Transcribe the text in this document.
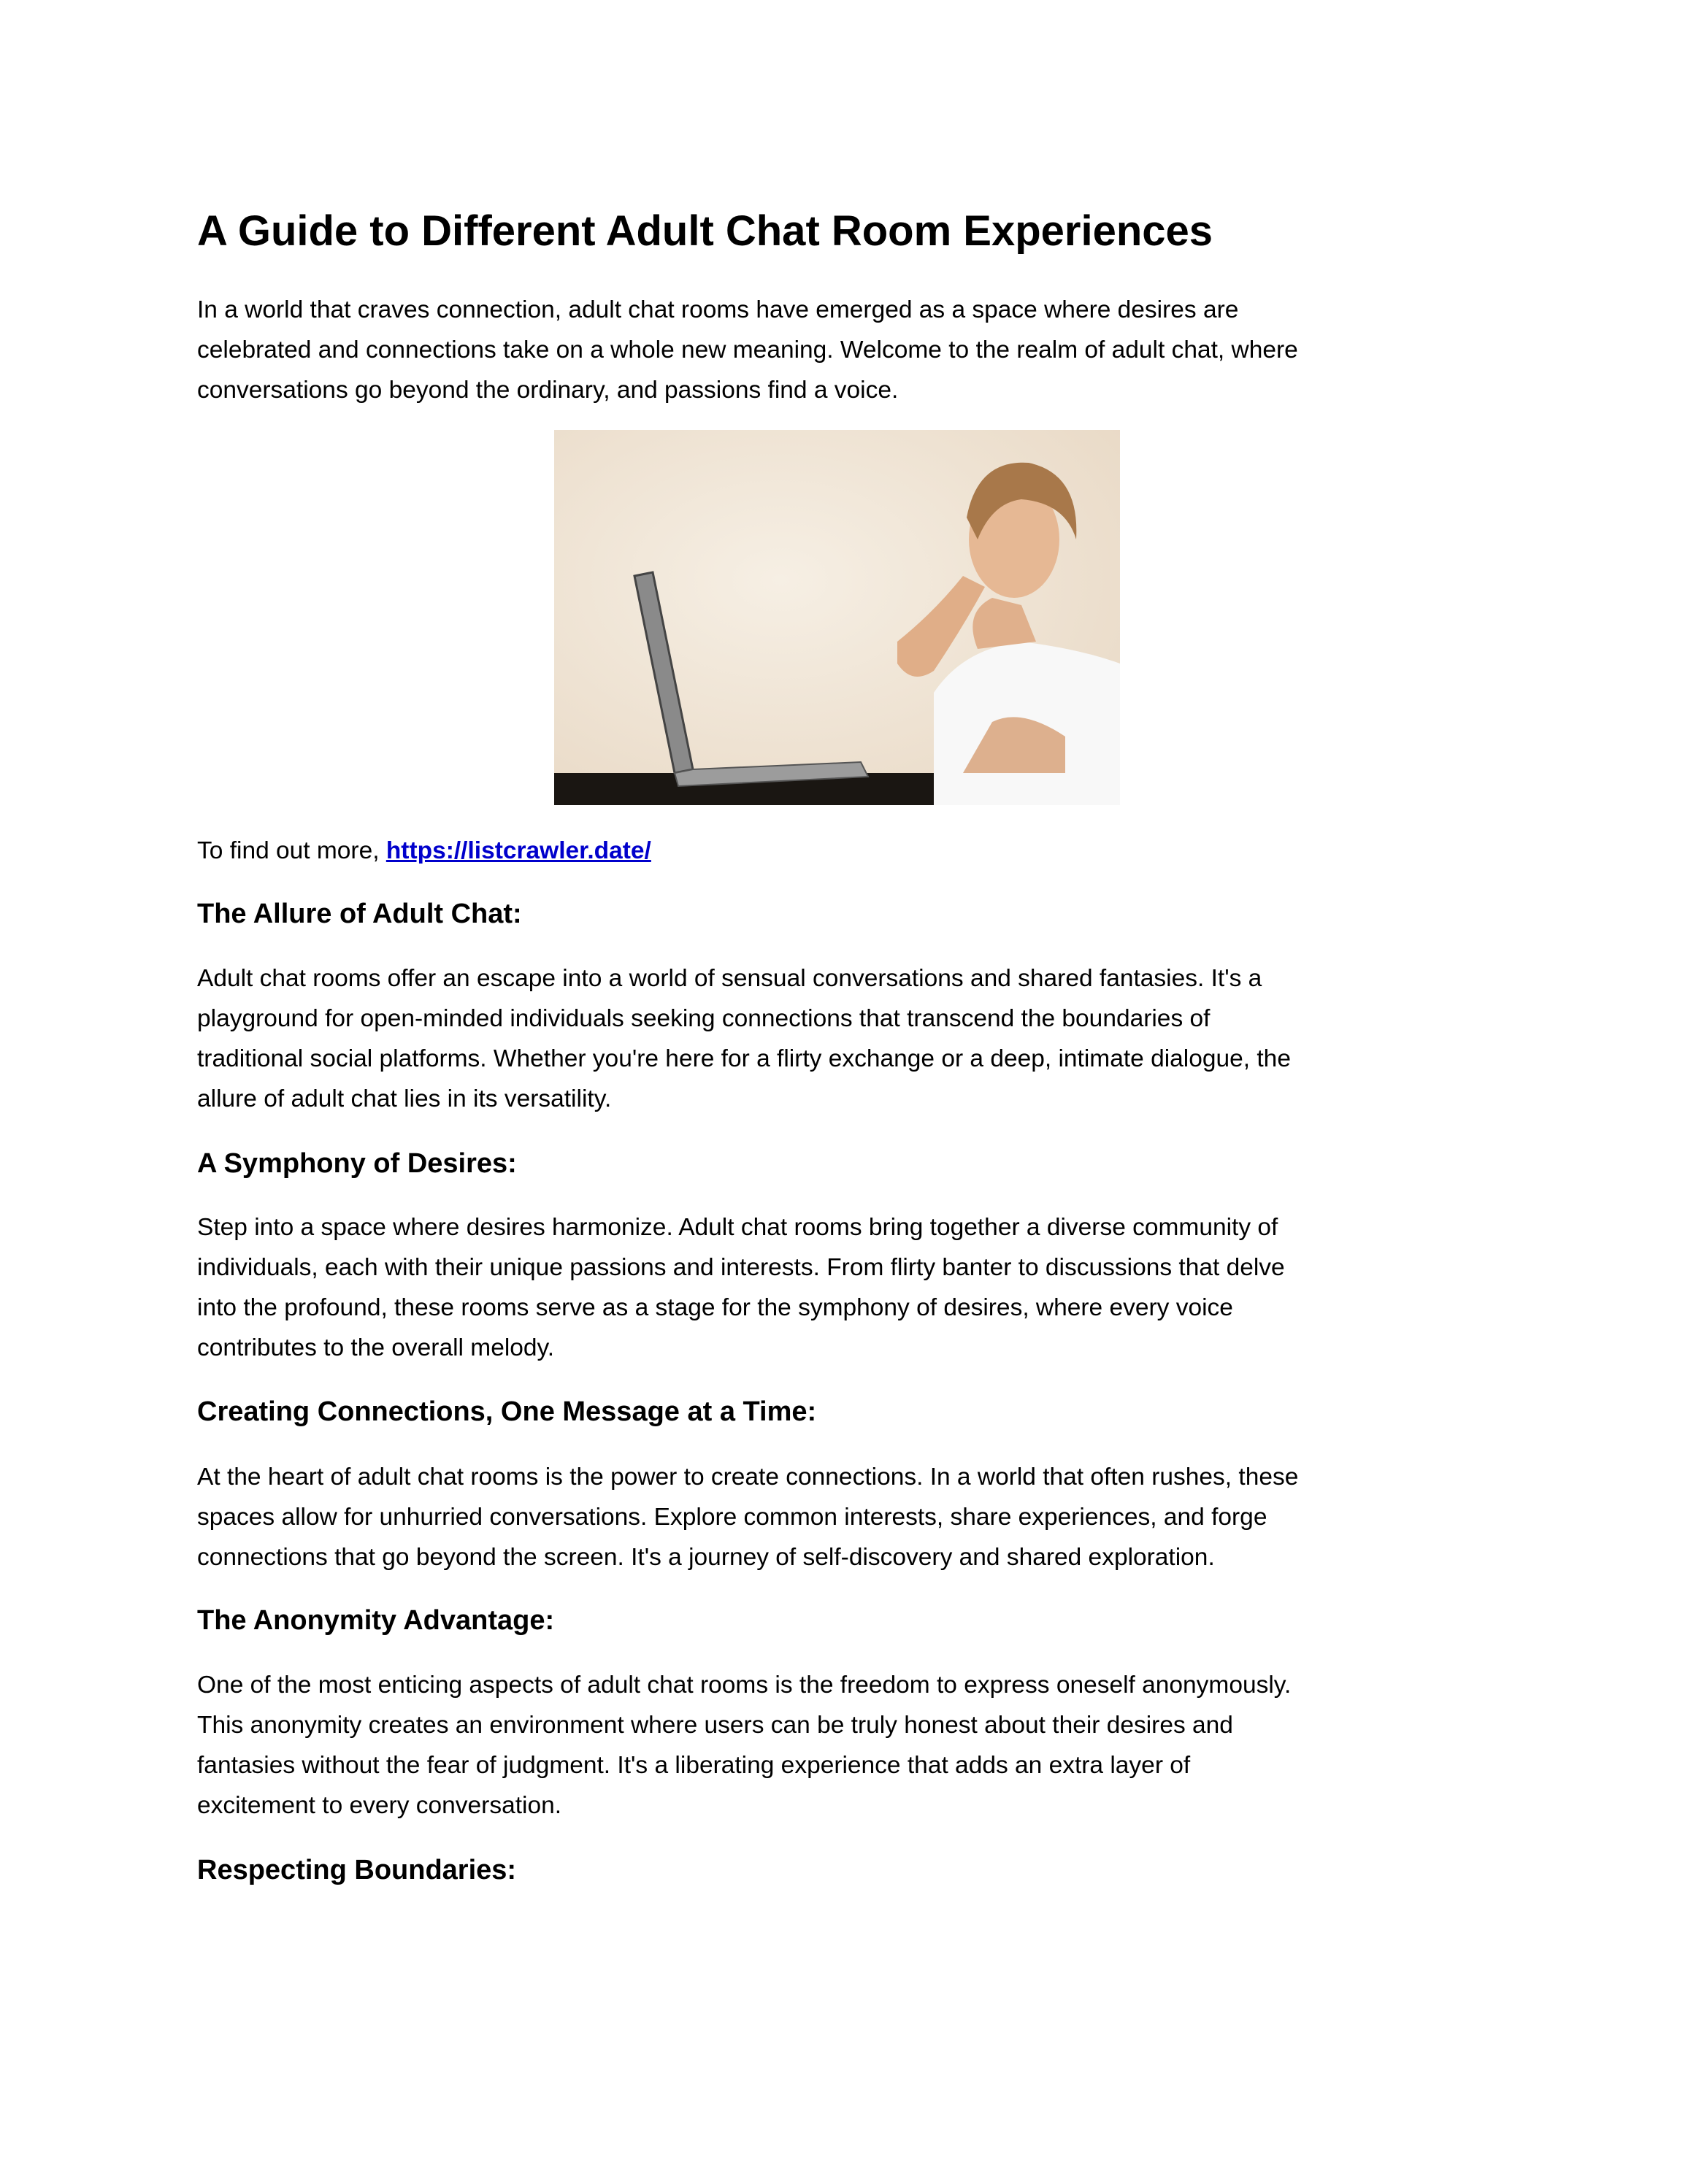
A Guide to Different Adult Chat Room Experiences
In a world that craves connection, adult chat rooms have emerged as a space where desires are
celebrated and connections take on a whole new meaning. Welcome to the realm of adult chat, where
conversations go beyond the ordinary, and passions find a voice.
To find out more, https://listcrawler.date/
The Allure of Adult Chat:
Adult chat rooms offer an escape into a world of sensual conversations and shared fantasies. It's a
playground for open-minded individuals seeking connections that transcend the boundaries of
traditional social platforms. Whether you're here for a flirty exchange or a deep, intimate dialogue, the
allure of adult chat lies in its versatility.
A Symphony of Desires:
Step into a space where desires harmonize. Adult chat rooms bring together a diverse community of
individuals, each with their unique passions and interests. From flirty banter to discussions that delve
into the profound, these rooms serve as a stage for the symphony of desires, where every voice
contributes to the overall melody.
Creating Connections, One Message at a Time:
At the heart of adult chat rooms is the power to create connections. In a world that often rushes, these
spaces allow for unhurried conversations. Explore common interests, share experiences, and forge
connections that go beyond the screen. It's a journey of self-discovery and shared exploration.
The Anonymity Advantage:
One of the most enticing aspects of adult chat rooms is the freedom to express oneself anonymously.
This anonymity creates an environment where users can be truly honest about their desires and
fantasies without the fear of judgment. It's a liberating experience that adds an extra layer of
excitement to every conversation.
Respecting Boundaries:
